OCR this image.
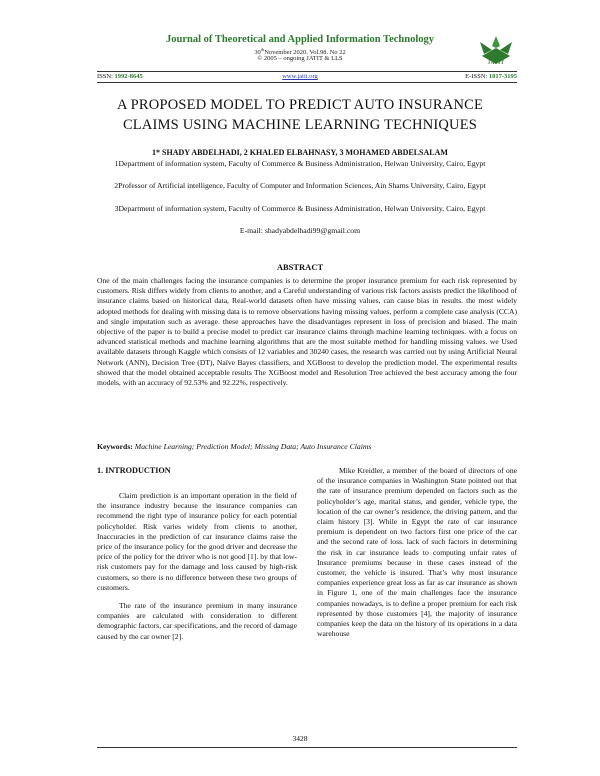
Journal of Theoretical and Applied Information Technology
30thNovember 2020. Vol.98. No 22
© 2005 – ongoing JATIT & LLS
JATIT
ISSN: 1992-8645	www.jatit.org	E-ISSN: 1817-3195
A PROPOSED MODEL TO PREDICT AUTO INSURANCE
CLAIMS USING MACHINE LEARNING TECHNIQUES
1* SHADY ABDELHADI, 2 KHALED ELBAHNASY, 3 MOHAMED ABDELSALAM
1Department of information system, Faculty of Commerce & Business Administration, Helwan University, Cairo, Egypt
2Professor of Artificial intelligence, Faculty of Computer and Information Sciences, Ain Shams University, Cairo, Egypt
3Department of information system, Faculty of Commerce & Business Administration, Helwan University, Cairo, Egypt
E-mail: shadyabdelhadi99@gmail.com
ABSTRACT
One of the main challenges facing the insurance companies is to determine the proper insurance premium for each risk represented by customers. Risk differs widely from clients to another, and a Careful understanding of various risk factors assists predict the likelihood of insurance claims based on historical data, Real-world datasets often have missing values, can cause bias in results. the most widely adopted methods for dealing with missing data is to remove observations having missing values, perform a complete case analysis (CCA) and single imputation such as average. these approaches have the disadvantages represent in loss of precision and biased. The main objective of the paper is to build a precise model to predict car insurance claims through machine learning techniques. with a focus on advanced statistical methods and machine learning algorithms that are the most suitable method for handling missing values. we Used available datasets through Kaggle which consists of 12 variables and 30240 cases, the research was carried out by using Artificial Neural Network (ANN), Decision Tree (DT), Naïve Bayes classifiers, and XGBoost to develop the prediction model. The experimental results showed that the model obtained acceptable results The XGBoost model and Resolution Tree achieved the best accuracy among the four models, with an accuracy of 92.53% and 92.22%, respectively.
Keywords: Machine Learning; Prediction Model; Missing Data; Auto Insurance Claims
1. INTRODUCTION

Claim prediction is an important operation in the field of the insurance industry because the insurance companies can recommend the right type of insurance policy for each potential policyholder. Risk varies widely from clients to another, Inaccuracies in the prediction of car insurance claims raise the price of the insurance policy for the good driver and decrease the price of the policy for the driver who is not good [1]. by that low-risk customers pay for the damage and loss caused by high-risk customers, so there is no difference between these two groups of customers.

The rate of the insurance premium in many insurance companies are calculated with consideration to different demographic factors, car specifications, and the record of damage caused by the car owner [2].

Mike Kreidler, a member of the board of directors of one of the insurance companies in Washington State pointed out that the rate of insurance premium depended on factors such as the policyholder’s age, marital status, and gender, vehicle type, the location of the car owner’s residence, the driving pattern, and the claim history [3]. While in Egypt the rate of car insurance premium is dependent on two factors first one price of the car and the second rate of loss. lack of such factors in determining the risk in car insurance leads to computing unfair rates of Insurance premiums because in these cases instead of the customer, the vehicle is insured. That’s why most insurance companies experience great loss as far as car insurance as shown in Figure 1, one of the main challenges face the insurance companies nowadays, is to define a proper premium for each risk represented by those customers [4], the majority of insurance companies keep the data on the history of its operations in a data warehouse

3428
